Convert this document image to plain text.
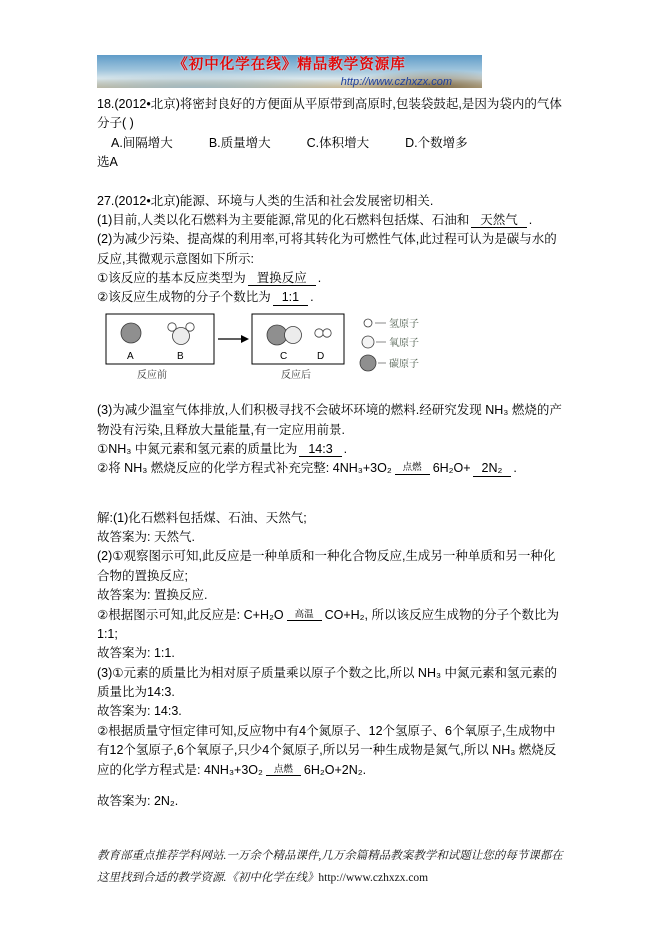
《初中化学在线》精品教学资源库
http://www.czhxzx.com

18.(2012•北京)将密封良好的方便面从平原带到高原时,包装袋鼓起,是因为袋内的气体分子( )

A.间隔增大	B.质量增大	C.体积增大	D.个数增多

选A

27.(2012•北京)能源、环境与人类的生活和社会发展密切相关.

(1)目前,人类以化石燃料为主要能源,常见的化石燃料包括煤、石油和 天然气 .

(2)为减少污染、提高煤的利用率,可将其转化为可燃性气体,此过程可认为是碳与水的反应,其微观示意图如下所示:

①该反应的基本反应类型为 置换反应 .

②该反应生成物的分子个数比为 1:1 .

A	B	C	D
反应前	反应后
氢原子
氧原子
碳原子

(3)为减少温室气体排放,人们积极寻找不会破坏环境的燃料.经研究发现 NH₃ 燃烧的产物没有污染,且释放大量能量,有一定应用前景.

①NH₃ 中氮元素和氢元素的质量比为 14:3 .

②将 NH₃ 燃烧反应的化学方程式补充完整: 4NH₃+3O₂	点燃 6H₂O+ 2N₂ .

解:(1)化石燃料包括煤、石油、天然气;

故答案为: 天然气.

(2)①观察图示可知,此反应是一种单质和一种化合物反应,生成另一种单质和另一种化合物的置换反应;

故答案为: 置换反应.

②根据图示可知,此反应是: C+H₂O	高温 CO+H₂, 所以该反应生成物的分子个数比为 1:1;

故答案为: 1:1.

(3)①元素的质量比为相对原子质量乘以原子个数之比,所以 NH₃ 中氮元素和氢元素的质量比为14:3.

故答案为: 14:3.

②根据质量守恒定律可知,反应物中有4个氮原子、12个氢原子、6个氧原子,生成物中有12个氢原子,6个氧原子,只少4个氮原子,所以另一种生成物是氮气,所以 NH₃ 燃烧反应的化学方程式是: 4NH₃+3O₂	点燃 6H₂O+2N₂.

故答案为: 2N₂.

教育部重点推荐学科网站.一万余个精品课件,几万余篇精品教案教学和试题让您的每节课都在这里找到合适的教学资源.《初中化学在线》http://www.czhxzx.com
